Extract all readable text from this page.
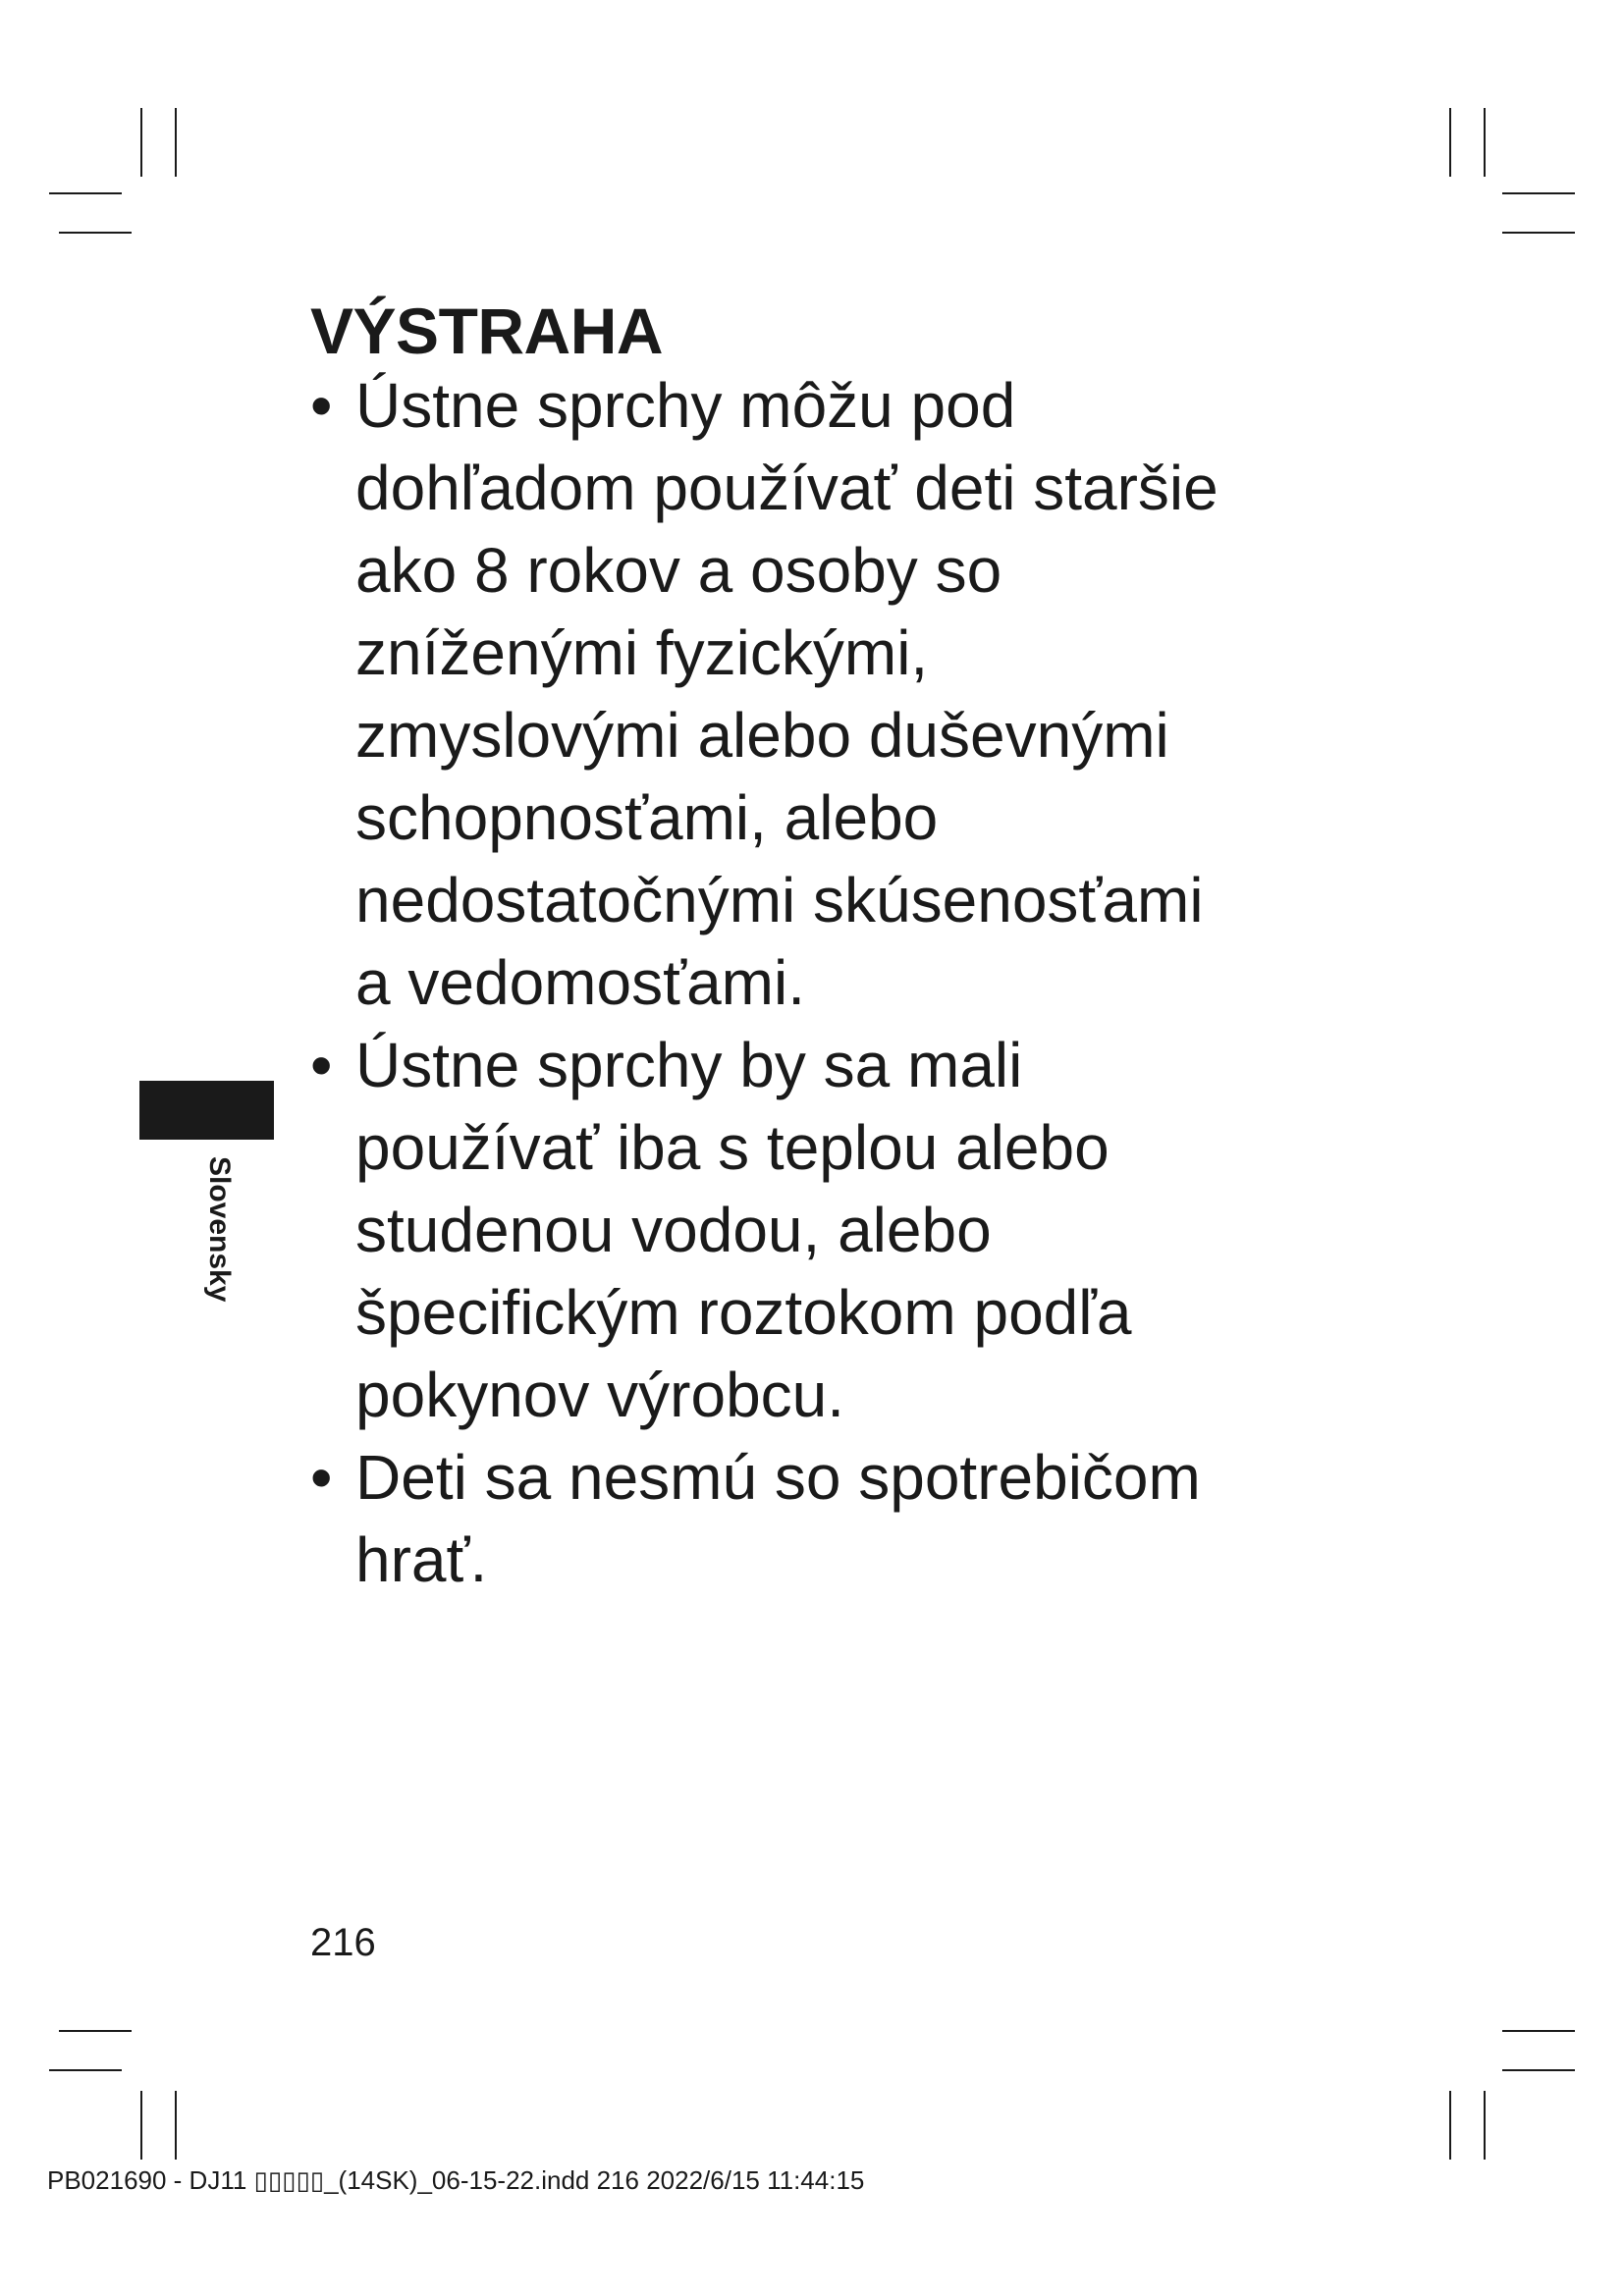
Slovensky
VÝSTRAHA
• Ústne sprchy môžu pod
dohľadom používať deti staršie
ako 8 rokov a osoby so
zníženými fyzickými,
zmyslovými alebo duševnými
schopnosťami, alebo
nedostatočnými skúsenosťami
a vedomosťami.
• Ústne sprchy by sa mali
používať iba s teplou alebo
studenou vodou, alebo
špecifickým roztokom podľa
pokynov výrobcu.
• Deti sa nesmú so spotrebičom
hrať.
216
PB021690 - DJ11 ▯▯▯▯▯_(14SK)_06-15-22.indd 216 2022/6/15 11:44:15
